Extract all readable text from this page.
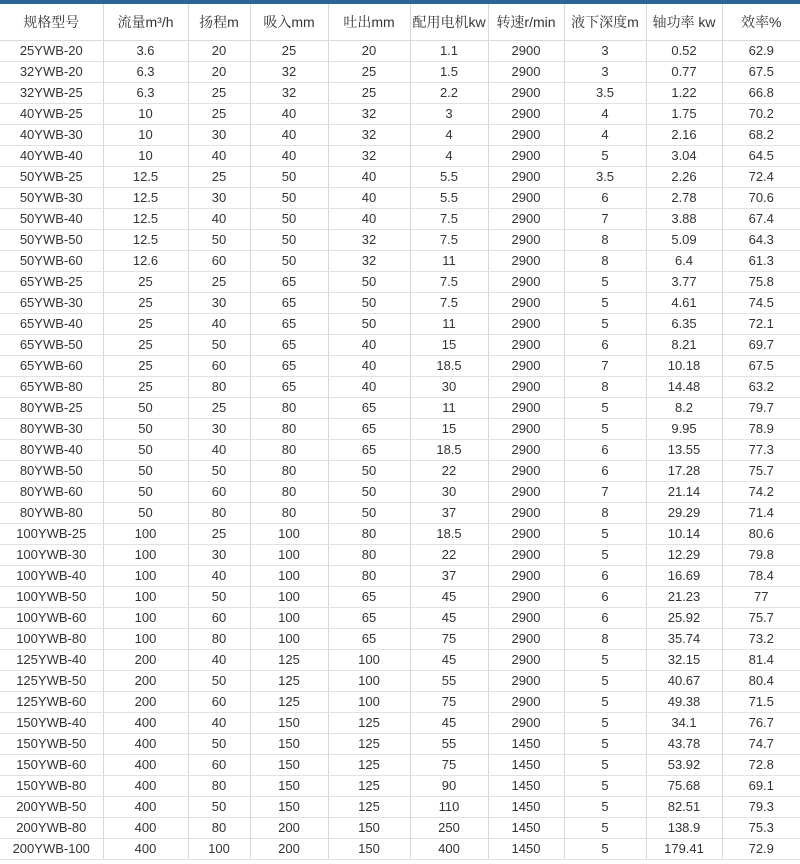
规格型号	流量m³/h	扬程m	吸入mm	吐出mm	配用电机kw	转速r/min	液下深度m	轴功率 kw	效率%
25YWB-20	3.6	20	25	20	1.1	2900	3	0.52	62.9
32YWB-20	6.3	20	32	25	1.5	2900	3	0.77	67.5
32YWB-25	6.3	25	32	25	2.2	2900	3.5	1.22	66.8
40YWB-25	10	25	40	32	3	2900	4	1.75	70.2
40YWB-30	10	30	40	32	4	2900	4	2.16	68.2
40YWB-40	10	40	40	32	4	2900	5	3.04	64.5
50YWB-25	12.5	25	50	40	5.5	2900	3.5	2.26	72.4
50YWB-30	12.5	30	50	40	5.5	2900	6	2.78	70.6
50YWB-40	12.5	40	50	40	7.5	2900	7	3.88	67.4
50YWB-50	12.5	50	50	32	7.5	2900	8	5.09	64.3
50YWB-60	12.6	60	50	32	11	2900	8	6.4	61.3
65YWB-25	25	25	65	50	7.5	2900	5	3.77	75.8
65YWB-30	25	30	65	50	7.5	2900	5	4.61	74.5
65YWB-40	25	40	65	50	11	2900	5	6.35	72.1
65YWB-50	25	50	65	40	15	2900	6	8.21	69.7
65YWB-60	25	60	65	40	18.5	2900	7	10.18	67.5
65YWB-80	25	80	65	40	30	2900	8	14.48	63.2
80YWB-25	50	25	80	65	11	2900	5	8.2	79.7
80YWB-30	50	30	80	65	15	2900	5	9.95	78.9
80YWB-40	50	40	80	65	18.5	2900	6	13.55	77.3
80YWB-50	50	50	80	50	22	2900	6	17.28	75.7
80YWB-60	50	60	80	50	30	2900	7	21.14	74.2
80YWB-80	50	80	80	50	37	2900	8	29.29	71.4
100YWB-25	100	25	100	80	18.5	2900	5	10.14	80.6
100YWB-30	100	30	100	80	22	2900	5	12.29	79.8
100YWB-40	100	40	100	80	37	2900	6	16.69	78.4
100YWB-50	100	50	100	65	45	2900	6	21.23	77
100YWB-60	100	60	100	65	45	2900	6	25.92	75.7
100YWB-80	100	80	100	65	75	2900	8	35.74	73.2
125YWB-40	200	40	125	100	45	2900	5	32.15	81.4
125YWB-50	200	50	125	100	55	2900	5	40.67	80.4
125YWB-60	200	60	125	100	75	2900	5	49.38	71.5
150YWB-40	400	40	150	125	45	2900	5	34.1	76.7
150YWB-50	400	50	150	125	55	1450	5	43.78	74.7
150YWB-60	400	60	150	125	75	1450	5	53.92	72.8
150YWB-80	400	80	150	125	90	1450	5	75.68	69.1
200YWB-50	400	50	150	125	110	1450	5	82.51	79.3
200YWB-80	400	80	200	150	250	1450	5	138.9	75.3
200YWB-100	400	100	200	150	400	1450	5	179.41	72.9
